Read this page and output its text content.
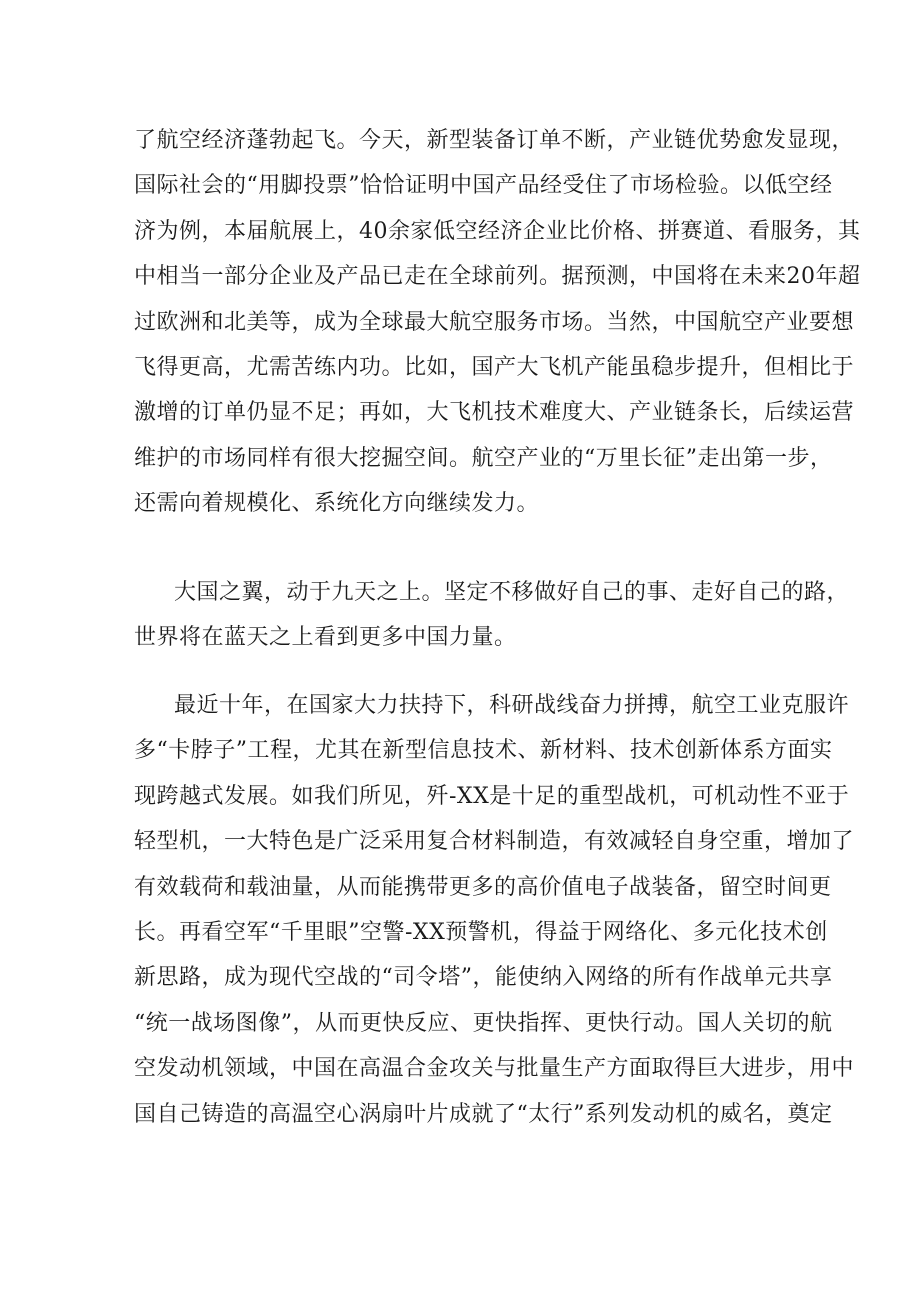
了航空经济蓬勃起飞。今天，新型装备订单不断，产业链优势愈发显现，
国际社会的“用脚投票”恰恰证明中国产品经受住了市场检验。以低空经
济为例，本届航展上，40余家低空经济企业比价格、拼赛道、看服务，其
中相当一部分企业及产品已走在全球前列。据预测，中国将在未来20年超
过欧洲和北美等，成为全球最大航空服务市场。当然，中国航空产业要想
飞得更高，尤需苦练内功。比如，国产大飞机产能虽稳步提升，但相比于
激增的订单仍显不足；再如，大飞机技术难度大、产业链条长，后续运营
维护的市场同样有很大挖掘空间。航空产业的“万里长征”走出第一步，
还需向着规模化、系统化方向继续发力。
大国之翼，动于九天之上。坚定不移做好自己的事、走好自己的路，
世界将在蓝天之上看到更多中国力量。
最近十年，在国家大力扶持下，科研战线奋力拼搏，航空工业克服许
多“卡脖子”工程，尤其在新型信息技术、新材料、技术创新体系方面实
现跨越式发展。如我们所见，歼-XX是十足的重型战机，可机动性不亚于
轻型机，一大特色是广泛采用复合材料制造，有效减轻自身空重，增加了
有效载荷和载油量，从而能携带更多的高价值电子战装备，留空时间更
长。再看空军“千里眼”空警-XX预警机，得益于网络化、多元化技术创
新思路，成为现代空战的“司令塔”，能使纳入网络的所有作战单元共享
“统一战场图像”，从而更快反应、更快指挥、更快行动。国人关切的航
空发动机领域，中国在高温合金攻关与批量生产方面取得巨大进步，用中
国自己铸造的高温空心涡扇叶片成就了“太行”系列发动机的威名，奠定
